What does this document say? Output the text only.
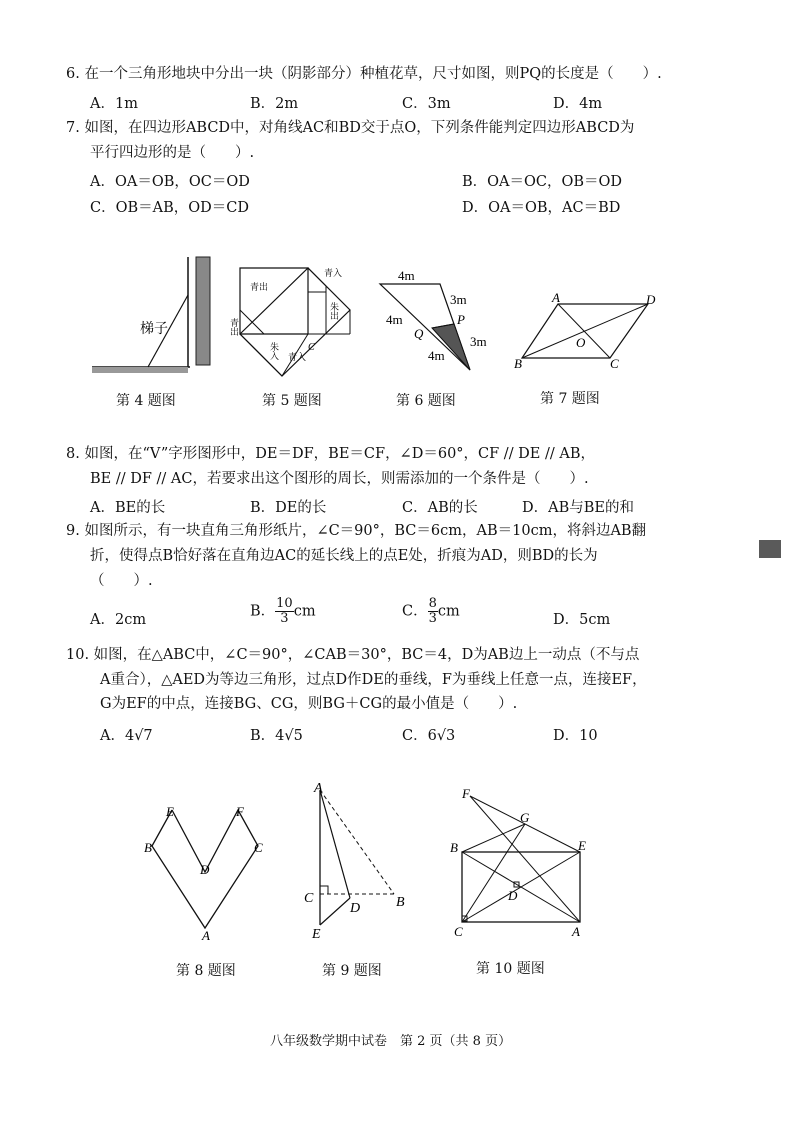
6. 在一个三角形地块中分出一块（阴影部分）种植花草，尺寸如图，则PQ的长度是（　　）.
A．1m	B．2m	C．3m	D．4m
7. 如图，在四边形ABCD中，对角线AC和BD交于点O，下列条件能判定四边形ABCD为
平行四边形的是（　　）.
A．OA＝OB，OC＝OD	B．OA＝OC，OB＝OD
C．OB＝AB，OD＝CD	D．OA＝OB，AC＝BD
梯子
第 4 题图
青出
青入
朱出
青出
朱入 青入
C
第 5 题图
4m
3m
4m	P
Q
3m
4m
第 6 题图
A	D
O
B	C
第 7 题图
8. 如图，在“V”字形图形中，DE＝DF，BE＝CF，∠D＝60°，CF // DE // AB，
BE // DF // AC，若要求出这个图形的周长，则需添加的一个条件是（　　）.
A．BE的长	B．DE的长	C．AB的长	D．AB与BE的和
9. 如图所示，有一块直角三角形纸片，∠C＝90°，BC＝6cm，AB＝10cm，将斜边AB翻
折，使得点B恰好落在直角边AC的延长线上的点E处，折痕为AD，则BD的长为
（　　）.
A．2cm
B． $\frac{10}{3}$ cm	C． $\frac{8}{3}$ cm
D．5cm
10. 如图，在△ABC中，∠C＝90°，∠CAB＝30°，BC＝4，D为AB边上一动点（不与点
A重合），△AED为等边三角形，过点D作DE的垂线，F为垂线上任意一点，连接EF，
G为EF的中点，连接BG、CG，则BG＋CG的最小值是（　　）.
A．4√7	B．4√5	C．6√3	D．10
E	F
B	C
D
A
第 8 题图
A
C
D	B
E
第 9 题图
F
G
B	E
D
C	A
第 10 题图
八年级数学期中试卷　第 2 页（共 8 页）
